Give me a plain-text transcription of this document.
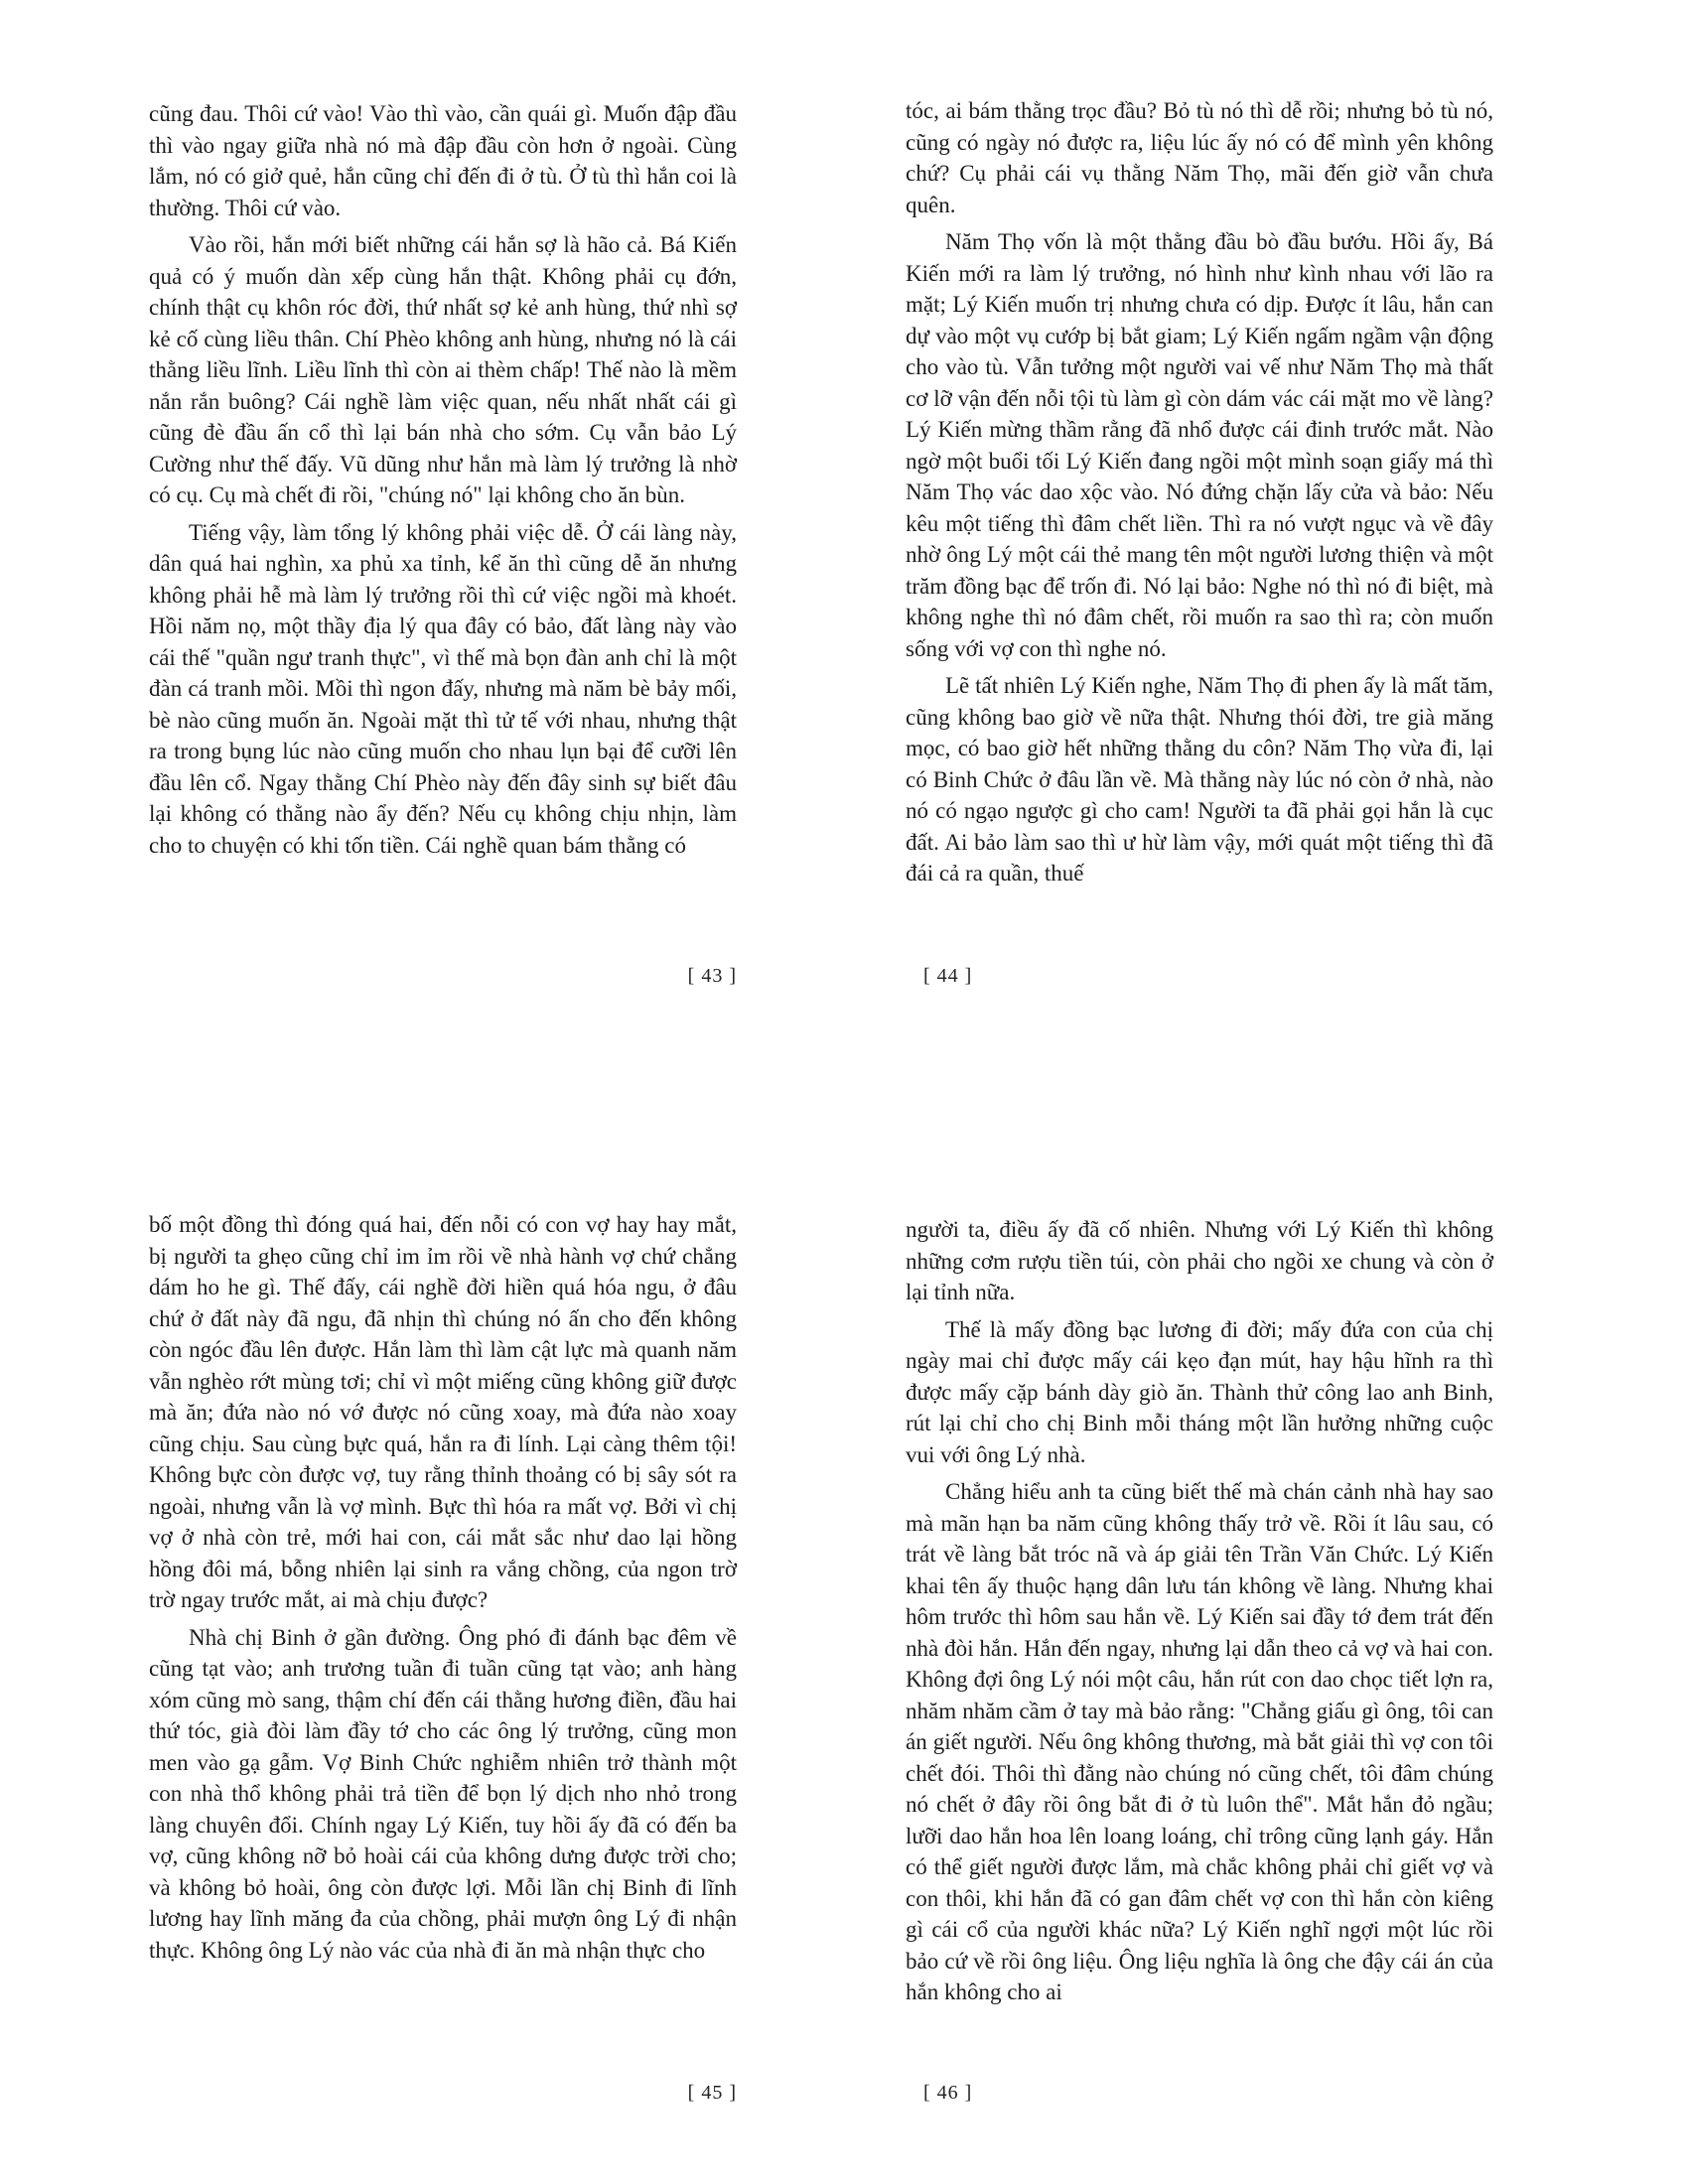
cũng đau. Thôi cứ vào! Vào thì vào, cần quái gì. Muốn đập đầu thì vào ngay giữa nhà nó mà đập đầu còn hơn ở ngoài. Cùng lắm, nó có giở quẻ, hắn cũng chỉ đến đi ở tù. Ở tù thì hắn coi là thường. Thôi cứ vào.

Vào rồi, hắn mới biết những cái hắn sợ là hão cả. Bá Kiến quả có ý muốn dàn xếp cùng hắn thật. Không phải cụ đớn, chính thật cụ khôn róc đời, thứ nhất sợ kẻ anh hùng, thứ nhì sợ kẻ cố cùng liều thân. Chí Phèo không anh hùng, nhưng nó là cái thằng liều lĩnh. Liều lĩnh thì còn ai thèm chấp! Thế nào là mềm nắn rắn buông? Cái nghề làm việc quan, nếu nhất nhất cái gì cũng đè đầu ấn cổ thì lại bán nhà cho sớm. Cụ vẫn bảo Lý Cường như thế đấy. Vũ dũng như hắn mà làm lý trưởng là nhờ có cụ. Cụ mà chết đi rồi, "chúng nó" lại không cho ăn bùn.

Tiếng vậy, làm tổng lý không phải việc dễ. Ở cái làng này, dân quá hai nghìn, xa phủ xa tỉnh, kể ăn thì cũng dễ ăn nhưng không phải hễ mà làm lý trưởng rồi thì cứ việc ngồi mà khoét. Hồi năm nọ, một thầy địa lý qua đây có bảo, đất làng này vào cái thế "quần ngư tranh thực", vì thế mà bọn đàn anh chỉ là một đàn cá tranh mồi. Mồi thì ngon đấy, nhưng mà năm bè bảy mối, bè nào cũng muốn ăn. Ngoài mặt thì tử tế với nhau, nhưng thật ra trong bụng lúc nào cũng muốn cho nhau lụn bại để cưỡi lên đầu lên cổ. Ngay thằng Chí Phèo này đến đây sinh sự biết đâu lại không có thằng nào ẩy đến? Nếu cụ không chịu nhịn, làm cho to chuyện có khi tốn tiền. Cái nghề quan bám thằng có

[ 43 ]

tóc, ai bám thằng trọc đầu? Bỏ tù nó thì dễ rồi; nhưng bỏ tù nó, cũng có ngày nó được ra, liệu lúc ấy nó có để mình yên không chứ? Cụ phải cái vụ thằng Năm Thọ, mãi đến giờ vẫn chưa quên.

Năm Thọ vốn là một thằng đầu bò đầu bướu. Hồi ấy, Bá Kiến mới ra làm lý trưởng, nó hình như kình nhau với lão ra mặt; Lý Kiến muốn trị nhưng chưa có dịp. Được ít lâu, hắn can dự vào một vụ cướp bị bắt giam; Lý Kiến ngấm ngầm vận động cho vào tù. Vẫn tưởng một người vai vế như Năm Thọ mà thất cơ lỡ vận đến nỗi tội tù làm gì còn dám vác cái mặt mo về làng? Lý Kiến mừng thầm rằng đã nhổ được cái đinh trước mắt. Nào ngờ một buổi tối Lý Kiến đang ngồi một mình soạn giấy má thì Năm Thọ vác dao xộc vào. Nó đứng chặn lấy cửa và bảo: Nếu kêu một tiếng thì đâm chết liền. Thì ra nó vượt ngục và về đây nhờ ông Lý một cái thẻ mang tên một người lương thiện và một trăm đồng bạc để trốn đi. Nó lại bảo: Nghe nó thì nó đi biệt, mà không nghe thì nó đâm chết, rồi muốn ra sao thì ra; còn muốn sống với vợ con thì nghe nó.

Lẽ tất nhiên Lý Kiến nghe, Năm Thọ đi phen ấy là mất tăm, cũng không bao giờ về nữa thật. Nhưng thói đời, tre già măng mọc, có bao giờ hết những thằng du côn? Năm Thọ vừa đi, lại có Binh Chức ở đâu lần về. Mà thằng này lúc nó còn ở nhà, nào nó có ngạo ngược gì cho cam! Người ta đã phải gọi hắn là cục đất. Ai bảo làm sao thì ư hừ làm vậy, mới quát một tiếng thì đã đái cả ra quần, thuế

[ 44 ]

bố một đồng thì đóng quá hai, đến nỗi có con vợ hay hay mắt, bị người ta ghẹo cũng chỉ im ỉm rồi về nhà hành vợ chứ chẳng dám ho he gì. Thế đấy, cái nghề đời hiền quá hóa ngu, ở đâu chứ ở đất này đã ngu, đã nhịn thì chúng nó ấn cho đến không còn ngóc đầu lên được. Hắn làm thì làm cật lực mà quanh năm vẫn nghèo rớt mùng tơi; chỉ vì một miếng cũng không giữ được mà ăn; đứa nào nó vớ được nó cũng xoay, mà đứa nào xoay cũng chịu. Sau cùng bực quá, hắn ra đi lính. Lại càng thêm tội! Không bực còn được vợ, tuy rằng thỉnh thoảng có bị sây sót ra ngoài, nhưng vẫn là vợ mình. Bực thì hóa ra mất vợ. Bởi vì chị vợ ở nhà còn trẻ, mới hai con, cái mắt sắc như dao lại hồng hồng đôi má, bỗng nhiên lại sinh ra vắng chồng, của ngon trờ trờ ngay trước mắt, ai mà chịu được?

Nhà chị Binh ở gần đường. Ông phó đi đánh bạc đêm về cũng tạt vào; anh trương tuần đi tuần cũng tạt vào; anh hàng xóm cũng mò sang, thậm chí đến cái thằng hương điền, đầu hai thứ tóc, già đòi làm đầy tớ cho các ông lý trưởng, cũng mon men vào gạ gẫm. Vợ Binh Chức nghiễm nhiên trở thành một con nhà thổ không phải trả tiền để bọn lý dịch nho nhỏ trong làng chuyên đổi. Chính ngay Lý Kiến, tuy hồi ấy đã có đến ba vợ, cũng không nỡ bỏ hoài cái của không dưng được trời cho; và không bỏ hoài, ông còn được lợi. Mỗi lần chị Binh đi lĩnh lương hay lĩnh măng đa của chồng, phải mượn ông Lý đi nhận thực. Không ông Lý nào vác của nhà đi ăn mà nhận thực cho

[ 45 ]

người ta, điều ấy đã cố nhiên. Nhưng với Lý Kiến thì không những cơm rượu tiền túi, còn phải cho ngồi xe chung và còn ở lại tỉnh nữa.

Thế là mấy đồng bạc lương đi đời; mấy đứa con của chị ngày mai chỉ được mấy cái kẹo đạn mút, hay hậu hĩnh ra thì được mấy cặp bánh dày giò ăn. Thành thử công lao anh Binh, rút lại chỉ cho chị Binh mỗi tháng một lần hưởng những cuộc vui với ông Lý nhà.

Chẳng hiểu anh ta cũng biết thế mà chán cảnh nhà hay sao mà mãn hạn ba năm cũng không thấy trở về. Rồi ít lâu sau, có trát về làng bắt tróc nã và áp giải tên Trần Văn Chức. Lý Kiến khai tên ấy thuộc hạng dân lưu tán không về làng. Nhưng khai hôm trước thì hôm sau hắn về. Lý Kiến sai đầy tớ đem trát đến nhà đòi hắn. Hắn đến ngay, nhưng lại dẫn theo cả vợ và hai con. Không đợi ông Lý nói một câu, hắn rút con dao chọc tiết lợn ra, nhăm nhăm cầm ở tay mà bảo rằng: "Chẳng giấu gì ông, tôi can án giết người. Nếu ông không thương, mà bắt giải thì vợ con tôi chết đói. Thôi thì đằng nào chúng nó cũng chết, tôi đâm chúng nó chết ở đây rồi ông bắt đi ở tù luôn thể". Mắt hắn đỏ ngầu; lưỡi dao hắn hoa lên loang loáng, chỉ trông cũng lạnh gáy. Hắn có thể giết người được lắm, mà chắc không phải chỉ giết vợ và con thôi, khi hắn đã có gan đâm chết vợ con thì hắn còn kiêng gì cái cổ của người khác nữa? Lý Kiến nghĩ ngợi một lúc rồi bảo cứ về rồi ông liệu. Ông liệu nghĩa là ông che đậy cái án của hắn không cho ai

[ 46 ]
